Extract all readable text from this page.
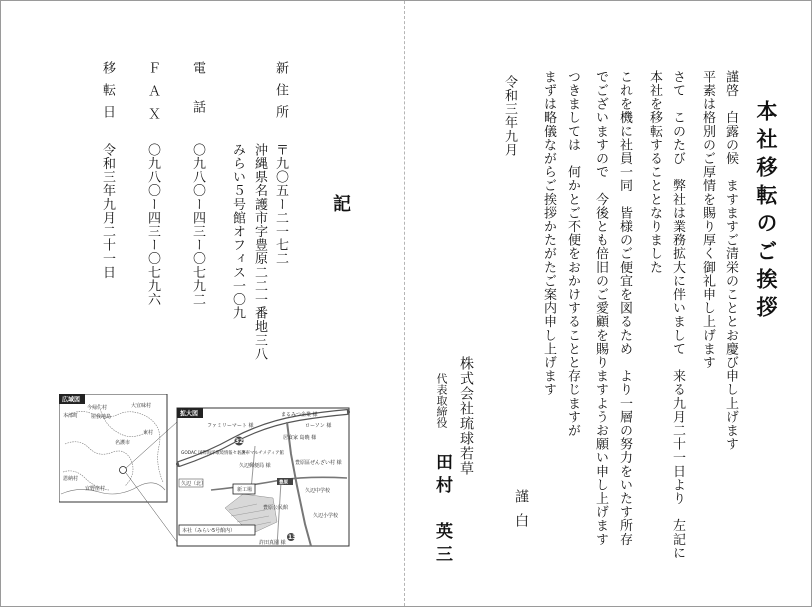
本社移転のご挨拶
謹啓　白露の候　ますますご清栄のこととお慶び申し上げます
平素は格別のご厚情を賜り厚く御礼申し上げます
さて　このたび　弊社は業務拡大に伴いまして　来る九月二十一日より　左記に
本社を移転することとなりました
これを機に社員一同　皆様のご便宜を図るため　より一層の努力をいたす所存
でございますので　今後とも倍旧のご愛顧を賜りますようお願い申し上げます
つきましては　何かとご不便をおかけすることと存じますが
まずは略儀ながらご挨拶かたがたご案内申し上げます
謹白
令和三年九月
株式会社琉球若草
代表取締役
田村　英三
記
新住所
〒九〇五ー二一七二
沖縄県名護市字豊原二二一番地三八
みらい５号館オフィス一〇九
電　　話
〇九八〇ー四三ー〇七九二
ＦＡＸ
〇九八〇ー四三ー〇七九六
移転日
令和三年九月二十一日
広域図
今帰仁村	大宜味村
本部町	屋我地島
東村
名護市
恩納村
宜野座村
拡大図
329
13
久辺（北）	豊原
新工場
本社（みらい5号館内）
ファミリーマート 様
まるみつ企業 様
ローソン 様
居食家 島暁 様
GODAC 国際海洋環境情報センター
名護市マルチメディア館
久辺郵便局 様	豊原區ぜんざい村 様
久辺中学校
豊原公民館
久辺小学校
許田真園 様
